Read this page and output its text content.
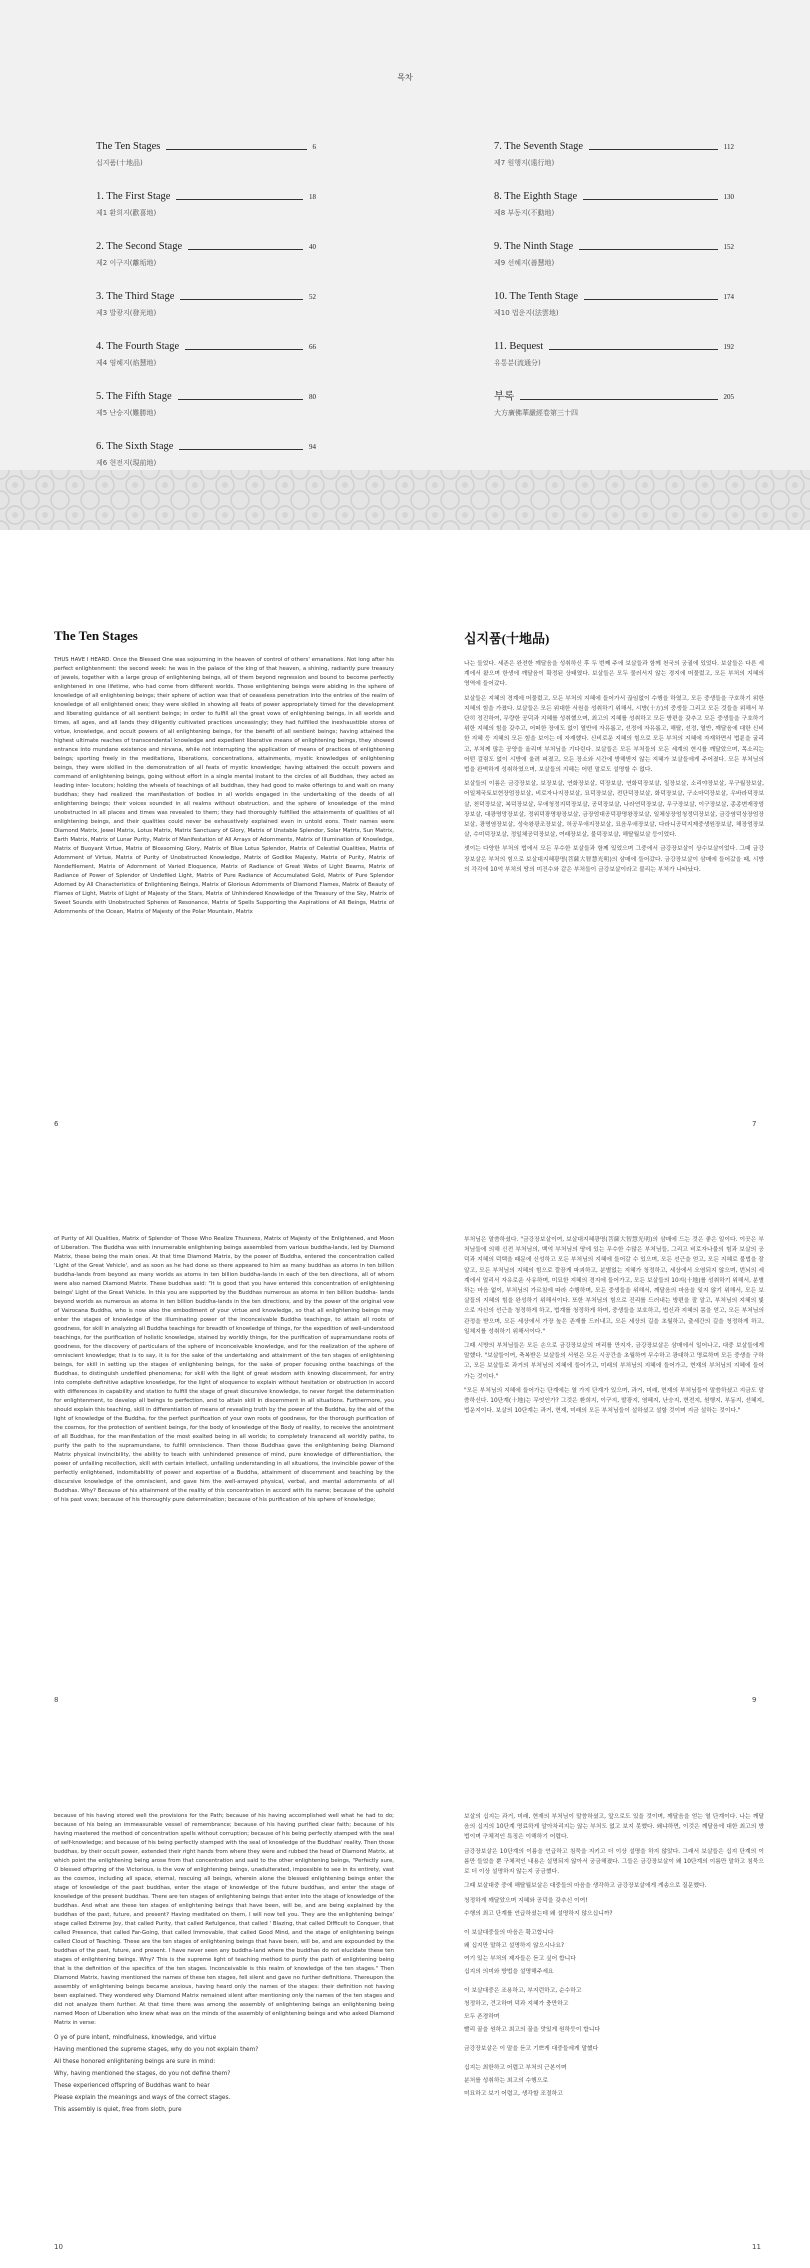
목차
The Ten Stages	6
십지품(十地品)
1. The First Stage	18
제1 환희지(歡喜地)
2. The Second Stage	40
제2 이구지(離垢地)
3. The Third Stage	52
제3 발광지(發光地)
4. The Fourth Stage	66
제4 염혜지(焰慧地)
5. The Fifth Stage	80
제5 난승지(難勝地)
6. The Sixth Stage	94
제6 현전지(現前地)
7. The Seventh Stage	112
제7 원행지(遠行地)
8. The Eighth Stage	130
제8 부동지(不動地)
9. The Ninth Stage	152
제9 선혜지(善慧地)
10. The Tenth Stage	174
제10 법운지(法雲地)
11. Bequest	192
유통분(流通分)
부록	205
大方廣佛華嚴經卷第三十四
The Ten Stages

THUS HAVE I HEARD. Once the Blessed One was sojourning in the heaven of control of others' emanations. Not long after his perfect enlightenment: the second week: he was in the palace of the king of that heaven, a shining, radiantly pure treasury of jewels, together with a large group of enlightening beings, all of them beyond regression and bound to become perfectly enlightened in one lifetime, who had come from different worlds. Those enlightening beings were abiding in the sphere of knowledge of all enlightening beings; their sphere of action was that of ceaseless penetration into the entries of the realm of knowledge of all enlightened ones; they were skilled in showing all feats of power appropriately timed for the development and liberating guidance of all sentient beings; in order to fulfill all the great vows of enlightening beings, in all worlds and times, all ages, and all lands they diligently cultivated practices unceasingly; they had fulfilled the inexhaustible stores of virtue, knowledge, and occult powers of all enlightening beings, for the benefit of all sentient beings; having attained the highest ultimate reaches of transcendental knowledge and expedient liberative means of enlightening beings, they showed entrance into mundane existence and nirvana, while not interrupting the application of means of practices of enlightening beings; sporting freely in the meditations, liberations, concentrations, attainments, mystic knowledges of enlightening beings, they were skilled in the demonstration of all feats of mystic knowledge; having attained the occult powers and command of enlightening beings, going without effort in a single mental instant to the circles of all Buddhas, they acted as leading inter- locutors; holding the wheels of teachings of all buddhas, they had good to make offerings to and wait on many buddhas; they had realized the manifestation of bodies in all worlds engaged in the undertaking of the deeds of all enlightening beings; their voices sounded in all realms without obstruction, and the sphere of knowledge of the mind unobstructed in all places and times was revealed to them; they had thoroughly fulfilled the attainments of qualities of all enlightening beings, and their qualities could never be exhaustively explained even in untold eons. Their names were Diamond Matrix, Jewel Matrix, Lotus Matrix, Matrix Sanctuary of Glory, Matrix of Unstable Splendor, Solar Matrix, Sun Matrix, Earth Matrix, Matrix of Lunar Purity, Matrix of Manifestation of All Arrays of Adornments, Matrix of Illumination of Knowledge, Matrix of Buoyant Virtue, Matrix of Blossoming Glory, Matrix of Blue Lotus Splendor, Matrix of Celestial Qualities, Matrix of Adornment of Virtue, Matrix of Purity of Unobstructed Knowledge, Matrix of Godlike Majesty, Matrix of Purity, Matrix of Nondefilement, Matrix of Adornment of Varied Eloquence, Matrix of Radiance of Great Webs of Light Beams, Matrix of Radiance of Power of Splendor of Undefiled Light, Matrix of Pure Radiance of Accumulated Gold, Matrix of Pure Splendor Adorned by All Characteristics of Enlightening Beings, Matrix of Glorious Adornments of Diamond Flames, Matrix of Beauty of Flames of Light, Matrix of Light of Majesty of the Stars, Matrix of Unhindered Knowledge of the Treasury of the Sky, Matrix of Sweet Sounds with Unobstructed Spheres of Resonance, Matrix of Spells Supporting the Aspirations of All Beings, Matrix of Adornments of the Ocean, Matrix of Majesty of the Polar Mountain, Matrix

십지품(十地品)

나는 들었다. 세존은 완전한 깨달음을 성취하신 후 두 번째 주에 보살들과 함께 천국의 궁궐에 있었다. 보살들은 다른 세계에서 왔으며 한생에 깨달음이 확정된 상태였다. 보살들은 모두 물러서지 않는 경지에 머물렀고, 모든 부처의 지혜의 영역에 들어갔다.

보살들은 지혜의 경계에 머물렀고, 모든 부처의 지혜에 들어가서 끊임없이 수행을 하였고, 모든 중생들을 구호하기 위한 지혜의 힘을 가졌다. 보살들은 모든 위대한 서원을 성취하기 위해서, 시방(十方)의 중생들 그리고 모든 것들을 위해서 부단히 정진하여, 무량한 공덕과 지혜를 성취했으며, 최고의 지혜를 성취하고 모든 방편을 갖추고 모든 중생들을 구호하기 위한 지혜의 힘을 갖추고, 어떠한 장애도 없이 열반에 자유롭고, 선정에 자유롭고, 해탈, 선정, 열반, 깨달음에 대한 신비한 지혜 등 지혜의 모든 힘을 보이는 데 자재했다. 신비로운 지혜의 힘으로 모든 부처의 지혜에 자재하면서 법륜을 굴리고, 부처께 많은 공양을 올리며 부처님을 기다린다. 보살들은 모든 부처들의 모든 세계의 현시를 깨달았으며, 목소리는 어떤 걸림도 없이 시방에 울려 퍼졌고, 모든 장소와 시간에 방해받지 않는 지혜가 보살들에게 주어졌다. 모든 부처님의 법을 완벽하게 성취하였으며, 보살들의 지혜는 어떤 말로도 설명할 수 없다.

보살들의 이름은 금강장보살, 보장보살, 연화장보살, 덕장보살, 연화덕장보살, 일장보살, 소리야장보살, 무구월장보살, 어일체국토보현장엄장보살, 비로자나지장보살, 묘덕장보살, 전단덕장보살, 화덕장보살, 구소마덕장보살, 우바라덕장보살, 천덕장보살, 복덕장보살, 무애청정지덕장보살, 공덕장보살, 나라연덕장보살, 무구장보살, 이구장보살, 종종변재장엄장보살, 대광명망장보살, 정위덕광명왕장보살, 금장엄대공덕광명왕장보살, 일체상장엄청정덕장보살, 금강염덕상장엄장보살, 광명염장보살, 성숙왕광조장보살, 허공무애지장보살, 묘음무애장보살, 다라니공덕지제중생원장보살, 해장엄장보살, 수미덕장보살, 정일체공덕장보살, 여래장보살, 불덕장보살, 해탈월보살 등이었다.

셋이는 다양한 부처의 법에서 모든 무수한 보살들과 함께 있었으며 그중에서 금강장보살이 상수보살이었다. 그때 금강장보살은 부처의 힘으로 보살대지혜광명(菩薩大智慧光明)의 삼매에 들어갔다. 금강장보살이 삼매에 들어갔을 때, 시방의 각각에 10억 부처의 땅의 미진수와 같은 부처들이 금강보살이라고 불리는 부처가 나타났다.

6	7

of Purity of All Qualities, Matrix of Splendor of Those Who Realize Thusness, Matrix of Majesty of the Enlightened, and Moon of Liberation. The Buddha was with innumerable enlightening beings assembled from various buddha-lands, led by Diamond Matrix, these being the main ones. At that time Diamond Matrix, by the power of Buddha, entered the concentration called 'Light of the Great Vehicle', and as soon as he had done so there appeared to him as many buddhas as atoms in ten billion buddha-lands from beyond as many worlds as atoms in ten billion buddha-lands in each of the ten directions, all of whom were also named Diamond Matrix. These buddhas said: "It is good that you have entered this concentration of enlightening beings' Light of the Great Vehicle. In this you are supported by the Buddhas numerous as atoms in ten billion buddha- lands beyond worlds as numerous as atoms in ten billion buddha-lands in the ten directions, and by the power of the original vow of Vairocana Buddha, who is now also the embodiment of your virtue and knowledge, so that all enlightening beings may enter the stages of knowledge of the illuminating power of the inconceivable Buddha teachings, to attain all roots of goodness, for skill in analyzing all Buddha teachings for breadth of knowledge of things, for the expedition of well-understood teachings, for the purification of holistic knowledge, stained by worldly things, for the purification of supramundane roots of goodness, for the discovery of particulars of the sphere of inconceivable knowledge, and for the realization of the sphere of omniscient knowledge; that is to say, it is for the sake of the undertaking and attainment of the ten stages of enlightening beings, for skill in setting up the stages of enlightening beings, for the sake of proper focusing onthe teachings of the Buddhas, to distinguish undefiled phenomena; for skill with the light of great wisdom with knowing discernment, for entry into complete definitive adaptive knowledge, for the light of eloquence to explain without hesitation or obstruction in accord with differences in capability and station to fulfill the stage of great discursive knowledge, to never forget the determination for enlightenment, to develop all beings to perfection, and to attain skill in discernment in all situations. Furthermore, you should explain this teaching, skill in differentiation of means of revealing truth by the power of the Buddha, by the aid of the light of knowledge of the Buddha, for the perfect purification of your own roots of goodness, for the thorough purification of the cosmos, for the protection of sentient beings, for the body of knowledge of the Body of reality, to receive the anointment of all Buddhas, for the manifestation of the most exalted being in all worlds; to completely transcend all worldly paths, to purify the path to the supramundane, to fulfill omniscience. Then those Buddhas gave the enlightening being Diamond Matrix physical invincibility, the ability to teach with unhindered presence of mind, pure knowledge of differentiation, the power of unfailing recollection, skill with certain intellect, unfailing understanding in all situations, the invincible power of the perfectly enlightened, indomitability of power and expertise of a Buddha, attainment of discernment and teaching by the discursive knowledge of the omniscient, and gave him the well-arrayed physical, verbal, and mental adornments of all Buddhas. Why? Because of his attainment of the reality of this concentration in accord with its name; because of the uphold of his past vows; because of his thoroughly pure determination; because of his purification of his sphere of knowledge;

부처님은 말씀하셨다. "금강장보살이여, 보살대지혜광명(菩薩大智慧光明)의 삼매에 드는 것은 좋은 일이다. 이곳은 부처님들에 의해 신전 부처님의, 백억 부처님의 땅에 있는 무수한 수많은 부처님들, 그리고 비로자나불의 힘과 보살의 공덕과 지혜의 덕택을 때문에 신성하고 모든 부처님의 지혜에 들어갈 수 있으며, 모든 선근을 얻고, 모든 지혜로 불법을 잘 알고, 모든 부처님의 지혜의 힘으로 깔끔게 파괴하고, 분별없는 지혜가 청정하고, 세상에서 오염되지 않으며, 번뇌의 세계에서 멀리서 자유로운 사유하며, 미묘한 지혜의 경지에 들어가고, 모든 보살들의 10지(十地)를 성취하기 위해서, 분별하는 마음 없이, 부처님의 가르침에 따라 수행하며, 모든 중생들을 위해서, 깨달음의 마음을 잊지 않기 위해서, 모든 보살들의 지혜의 힘을 완성하기 위해서이다. 또한 부처님의 힘으로 진리를 드러내는 방편을 잘 알고, 부처님의 지혜의 빛으로 자신의 선근을 청정하게 하고, 법계를 청정하게 하며, 중생들을 보호하고, 법신과 지혜의 몸을 얻고, 모든 부처님의 관정을 받으며, 모든 세상에서 가장 높은 존재를 드러내고, 모든 세상의 길을 초월하고, 출세간의 길을 청정하게 하고, 일체지를 성취하기 위해서이다."

그때 시방의 부처님들은 모든 손으로 금강장보살의 머리를 만지자, 금강장보살은 삼매에서 일어나고, 대중 보살들에게 말했다. "보살들이여, 축복받은 보살들의 서원은 모든 시공간을 초월하여 무수하고 광대하고 명료하며 모든 중생을 구하고, 모든 보살들로 과거의 부처님의 지혜에 들어가고, 미래의 부처님의 지혜에 들어가고, 현재의 부처님의 지혜에 들어가는 것이다."

"모든 부처님의 지혜에 들어가는 단계에는 열 가지 단계가 있으며, 과거, 미래, 현재의 부처님들이 말씀하셨고 지금도 말씀하신다. 10단계(十地)는 무엇인가? 그것은 환희지, 이구지, 발광지, 염혜지, 난승지, 현전지, 원행지, 부동지, 선혜지, 법운지이다. 보살의 10단계는 과거, 현재, 미래의 모든 부처님들이 설하셨고 설할 것이며 지금 설하는 것이다."

8	9

because of his having stored well the provisions for the Path; because of his having accomplished well what he had to do; because of his being an immeasurable vessel of remembrance; because of his having purified clear faith; because of his having mastered the method of concentration spells without corruption; because of his being perfectly stamped with the seal of self-knowledge; and because of his being perfectly stamped with the seal of knowledge of the Buddhas' reality. Then those buddhas, by their occult power, extended their right hands from where they were and rubbed the head of Diamond Matrix, at which point the enlightening being arose from that concentration and said to the other enlightening beings, "Perfectly sure, O blessed offspring of the Victorious, is the vow of enlightening beings, unadulterated, impossible to see in its entirety, vast as the cosmos, including all space, eternal, rescuing all beings, wherein alone the blessed enlightening beings enter the stage of knowledge of the past buddhas, enter the stage of knowledge of the future buddhas, and enter the stage of knowledge of the present buddhas. There are ten stages of enlightening beings that enter into the stage of knowledge of the buddhas. And what are these ten stages of enlightening beings that have been, will be, and are being explained by the buddhas of the past, future, and present? Having meditated on them, I will now tell you. They are the enlightening beings' stage called Extreme Joy, that called Purity, that called Refulgence, that called ' Blazing, that called Difficult to Conquer, that called Presence, that called Far-Going, that called Immovable, that called Good Mind, and the stage of enlightening beings called Cloud of Teaching. These are the ten stages of enlightening beings that have been, will be, and are expounded by the buddhas of the past, future, and present. I have never seen any buddha-land where the buddhas do not elucidate these ten stages of enlightening beings. Why? This is the supreme light of teaching method to purify the path of enlightening being that is the definition of the specifics of the ten stages. Inconceivable is this realm of knowledge of the ten stages." Then Diamond Matrix, having mentioned the names of these ten stages, fell silent and gave no further definitions. Thereupon the assembly of enlightening beings became anxious, having heard only the names of the stages: their definition not having been explained. They wondered why Diamond Matrix remained silent after mentioning only the names of the ten stages and did not analyze them further. At that time there was among the assembly of enlightening beings an enlightening being named Moon of Liberation who knew what was on the minds of the assembly of enlightening beings and who asked Diamond Matrix in verse:

O ye of pure intent, mindfulness, knowledge, and virtue
Having mentioned the supreme stages, why do you not explain them?
All these honored enlightening beings are sure in mind:
Why, having mentioned the stages, do you not define them?
These experienced offspring of Buddhas want to hear
Please explain the meanings and ways of the correct stages.
This assembly is quiet, free from sloth, pure

보살의 십지는 과거, 미래, 현재의 부처님이 말씀하셨고, 앞으로도 있을 것이며, 깨달음을 얻는 열 단계이다. 나는 깨달음의 십지의 10단계 명료하게 알아차리지는 않는 부처도 없고 보지 못했다. 왜냐하면, 이것은 깨달음에 대한 최고의 방법이며 구체적인 특징은 이해하기 어렵다.

금강장보살은 10단계의 이름을 언급하고 침묵을 지키고 더 이상 설명을 하지 않았다. 그래서 보살들은 십지 단계의 이름만 들었을 뿐 구체적인 내용은 설명되지 않아서 궁금해졌다. 그들은 금강장보살이 왜 10단계의 이름만 말하고 침묵으로 더 이상 설명하지 않는지 궁금했다.

그때 보살대중 중에 해탈월보살은 대중들의 마음을 생각하고 금강장보살에게 게송으로 질문했다.

청정하게 깨달았으며 지혜와 공덕을 갖추신 이여!
수행의 최고 단계를 언급하셨는데 왜 설명하지 않으십니까?
이 보살대중들의 마음은 확고합니다
왜 십지만 말하고 설명하지 않으시나요?
여기 있는 부처의 제자들은 듣고 싶어 합니다
십지의 의미와 방법을 설명해주세요
이 보살대중은 조용하고, 부지런하고, 순수하고
청정하고, 견고하며 덕과 지혜가 충만하고
모두 존경하며
빨리 꿀을 원하고 최고의 꿀을 맛있게 원하듯이 합니다
금강장보살은 이 말을 듣고 기쁘게 대중들에게 말했다
십지는 최한하고 어렵고 부처의 근본이며
분처를 성취하는 최고의 수행으로
미묘하고 보기 어렵고, 생각할 조절하고
10	11
